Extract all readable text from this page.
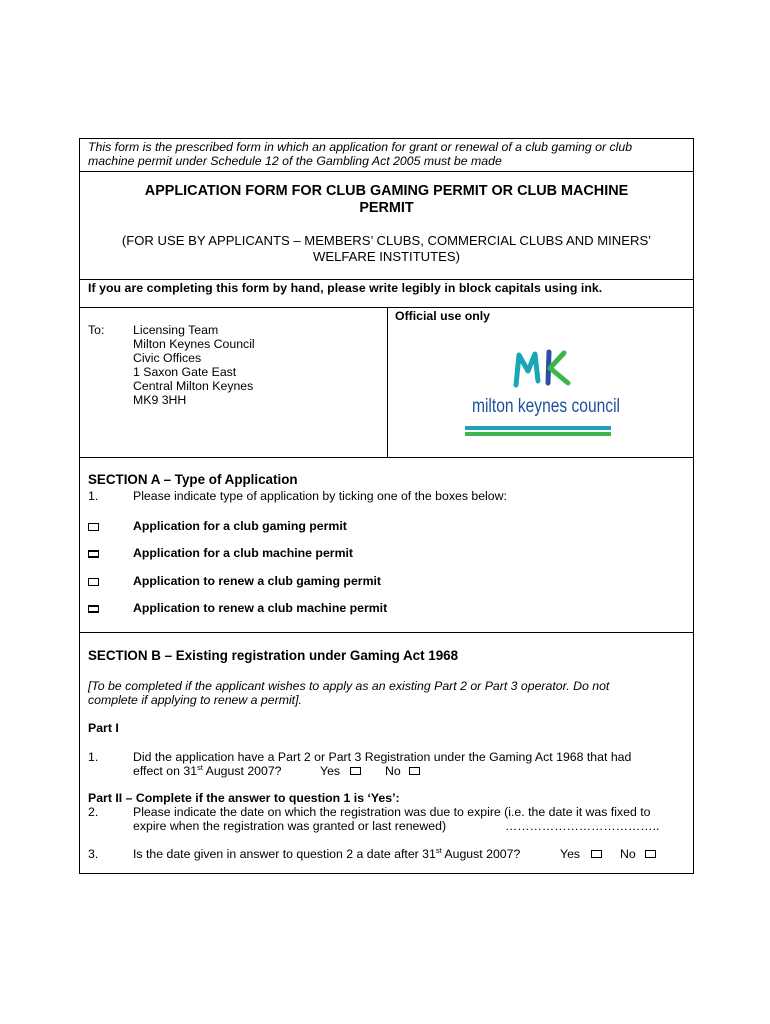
This form is the prescribed form in which an application for grant or renewal of a club gaming or club
machine permit under Schedule 12 of the Gambling Act 2005 must be made
APPLICATION FORM FOR CLUB GAMING PERMIT OR CLUB MACHINE
PERMIT
(FOR USE BY APPLICANTS – MEMBERS’ CLUBS, COMMERCIAL CLUBS AND MINERS’
WELFARE INSTITUTES)
If you are completing this form by hand, please write legibly in block capitals using ink.
To: Licensing Team
Milton Keynes Council
Civic Offices
1 Saxon Gate East
Central Milton Keynes
MK9 3HH
Official use only
milton keynes council
SECTION A – Type of Application
1.	Please indicate type of application by ticking one of the boxes below:
Application for a club gaming permit
Application for a club machine permit
Application to renew a club gaming permit
Application to renew a club machine permit
SECTION B – Existing registration under Gaming Act 1968
[To be completed if the applicant wishes to apply as an existing Part 2 or Part 3 operator. Do not
complete if applying to renew a permit].
Part I
1.	Did the application have a Part 2 or Part 3 Registration under the Gaming Act 1968 that had
effect on 31st August 2007?	Yes	No
Part II – Complete if the answer to question 1 is ‘Yes’:
2.	Please indicate the date on which the registration was due to expire (i.e. the date it was fixed to
expire when the registration was granted or last renewed)	………………………………..
3.	Is the date given in answer to question 2 a date after 31st August 2007?	Yes	No
